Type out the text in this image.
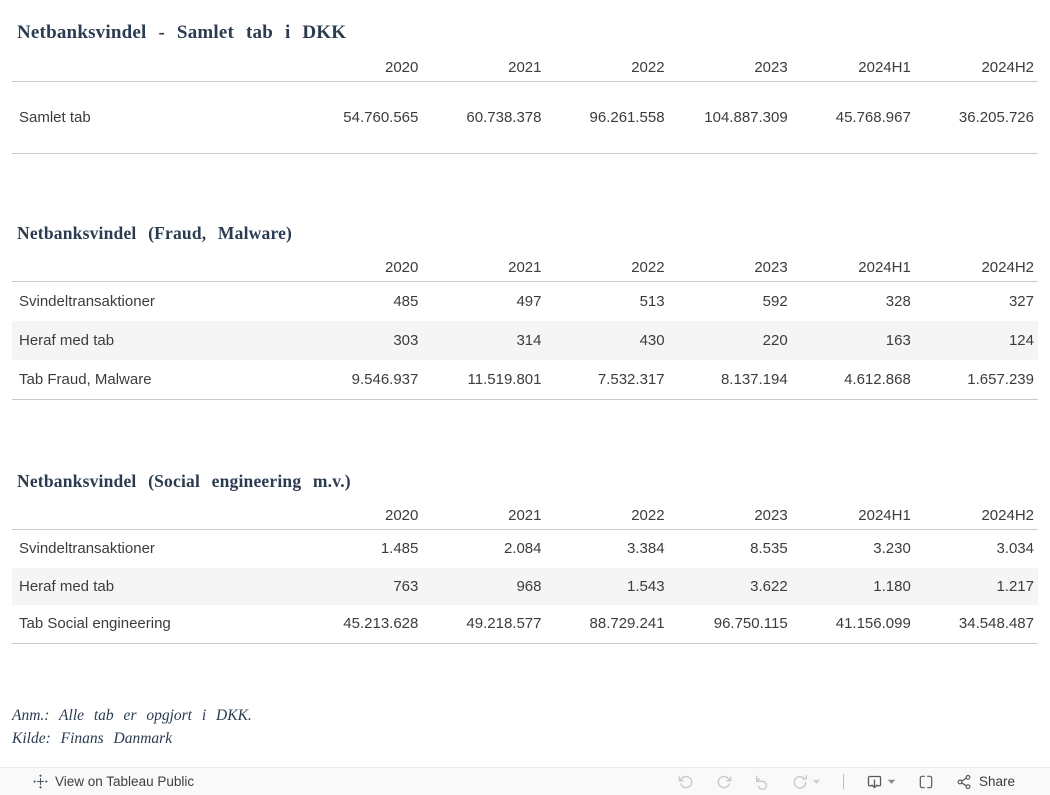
Netbanksvindel - Samlet tab i DKK
	2020	2021	2022	2023	2024H1	2024H2
Samlet tab	54.760.565	60.738.378	96.261.558	104.887.309	45.768.967	36.205.726
Netbanksvindel (Fraud, Malware)
	2020	2021	2022	2023	2024H1	2024H2
Svindeltransaktioner	485	497	513	592	328	327
Heraf med tab	303	314	430	220	163	124
Tab Fraud, Malware	9.546.937	11.519.801	7.532.317	8.137.194	4.612.868	1.657.239
Netbanksvindel (Social engineering m.v.)
	2020	2021	2022	2023	2024H1	2024H2
Svindeltransaktioner	1.485	2.084	3.384	8.535	3.230	3.034
Heraf med tab	763	968	1.543	3.622	1.180	1.217
Tab Social engineering	45.213.628	49.218.577	88.729.241	96.750.115	41.156.099	34.548.487

Anm.: Alle tab er opgjort i DKK.

Kilde: Finans Danmark

View on Tableau Public	Share
